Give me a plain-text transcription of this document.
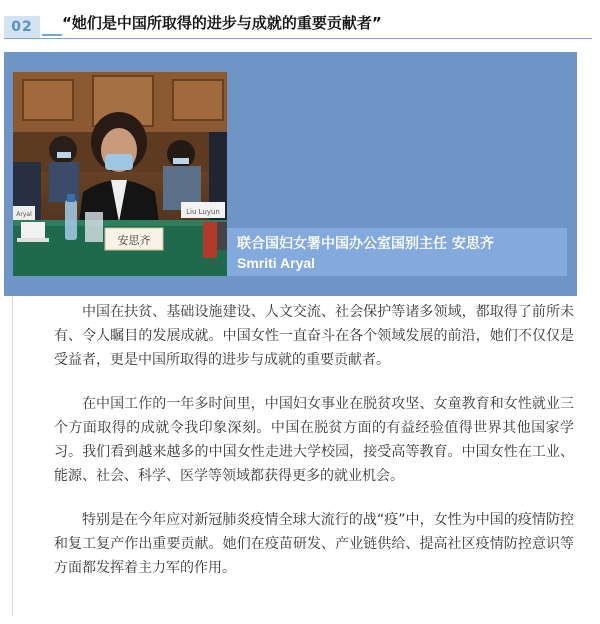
02	“她们是中国所取得的进步与成就的重要贡献者”
安思齐
Liu Luyun
Aryal
联合国妇女署中国办公室国别主任 安思齐
Smriti Aryal

中国在扶贫、基础设施建设、人文交流、社会保护等诸多领域，都取得了前所未有、令人瞩目的发展成就。中国女性一直奋斗在各个领域发展的前沿，她们不仅仅是受益者，更是中国所取得的进步与成就的重要贡献者。

在中国工作的一年多时间里，中国妇女事业在脱贫攻坚、女童教育和女性就业三个方面取得的成就令我印象深刻。中国在脱贫方面的有益经验值得世界其他国家学习。我们看到越来越多的中国女性走进大学校园，接受高等教育。中国女性在工业、能源、社会、科学、医学等领域都获得更多的就业机会。

特别是在今年应对新冠肺炎疫情全球大流行的战“疫”中，女性为中国的疫情防控和复工复产作出重要贡献。她们在疫苗研发、产业链供给、提高社区疫情防控意识等方面都发挥着主力军的作用。
